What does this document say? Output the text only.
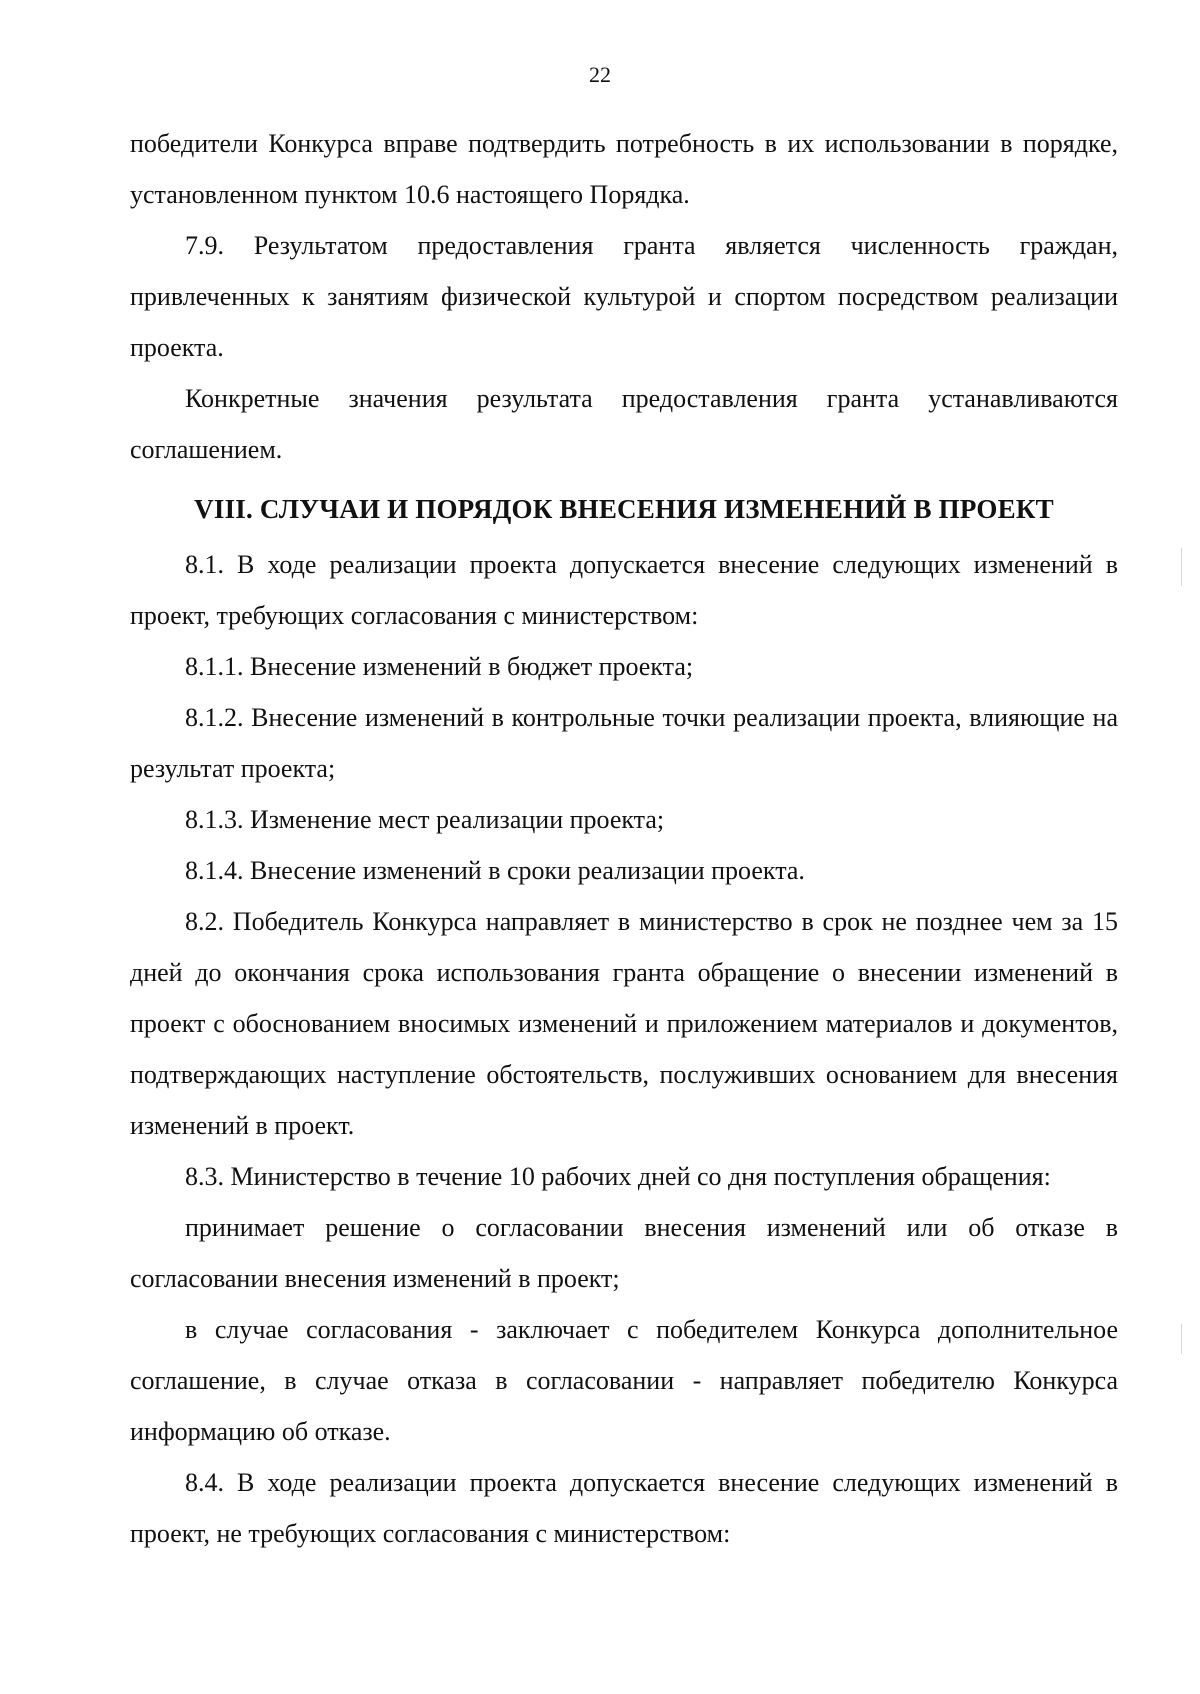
22

победители Конкурса вправе подтвердить потребность в их использовании в порядке, установленном пунктом 10.6 настоящего Порядка.

7.9. Результатом предоставления гранта является численность граждан, привлеченных к занятиям физической культурой и спортом посредством реализации проекта.

Конкретные значения результата предоставления гранта устанавливаются соглашением.

VIII. СЛУЧАИ И ПОРЯДОК ВНЕСЕНИЯ ИЗМЕНЕНИЙ В ПРОЕКТ

8.1. В ходе реализации проекта допускается внесение следующих изменений в проект, требующих согласования с министерством:

8.1.1. Внесение изменений в бюджет проекта;

8.1.2. Внесение изменений в контрольные точки реализации проекта, влияющие на результат проекта;

8.1.3. Изменение мест реализации проекта;

8.1.4. Внесение изменений в сроки реализации проекта.

8.2. Победитель Конкурса направляет в министерство в срок не позднее чем за 15 дней до окончания срока использования гранта обращение о внесении изменений в проект с обоснованием вносимых изменений и приложением материалов и документов, подтверждающих наступление обстоятельств, послуживших основанием для внесения изменений в проект.

8.3. Министерство в течение 10 рабочих дней со дня поступления обращения:

принимает решение о согласовании внесения изменений или об отказе в согласовании внесения изменений в проект;

в случае согласования - заключает с победителем Конкурса дополнительное соглашение, в случае отказа в согласовании - направляет победителю Конкурса информацию об отказе.

8.4. В ходе реализации проекта допускается внесение следующих изменений в проект, не требующих согласования с министерством:
